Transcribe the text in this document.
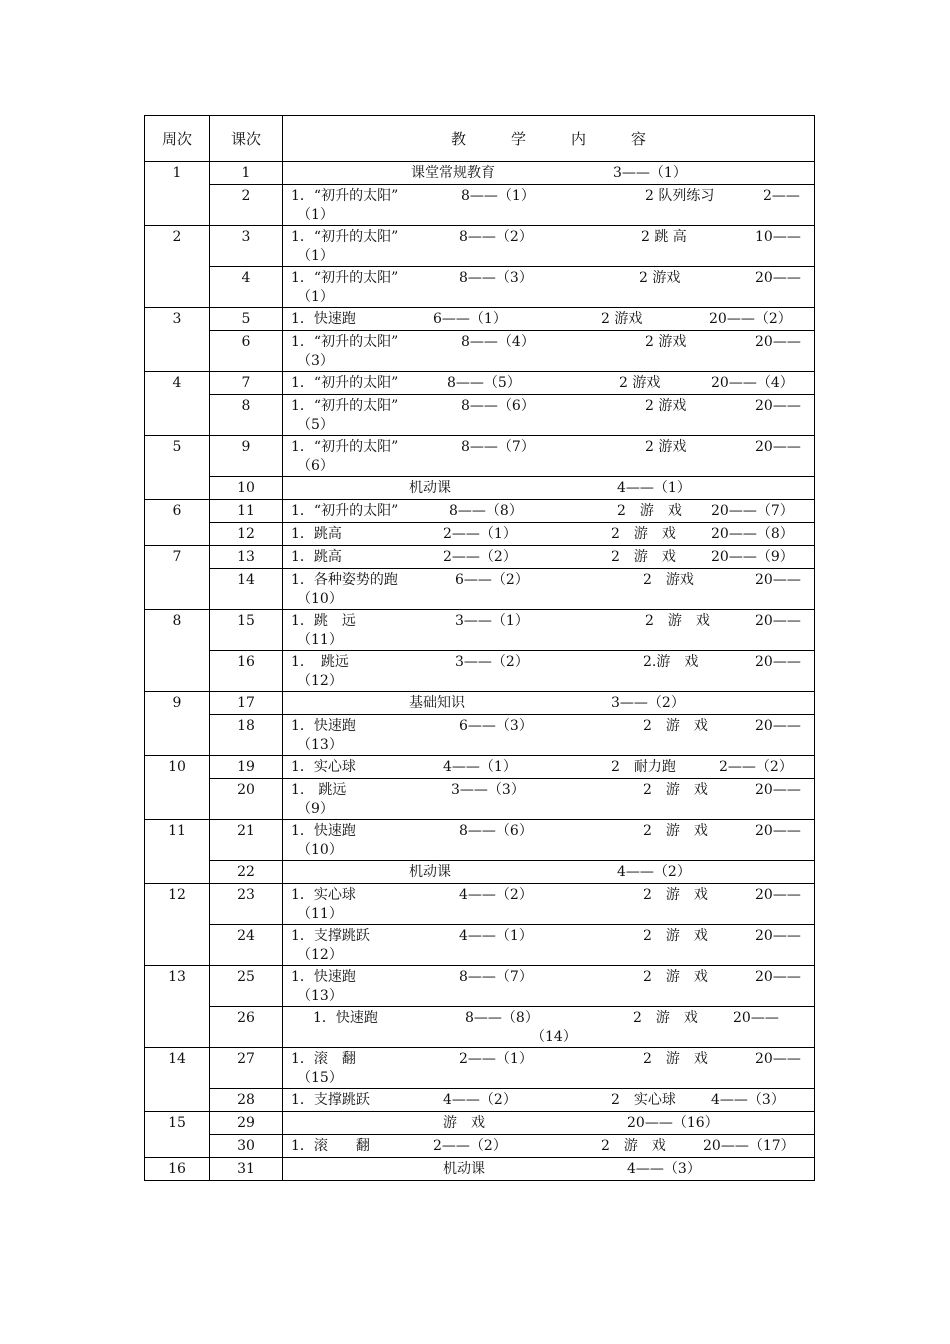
周次	课次	教　　　学　　　内　　　容
1	1	课堂常规教育 3——（1）

	2	1．“初升的太阳” 8——（1） 2 队列练习 2——
（1）

2	3	1．“初升的太阳” 8——（2） 2 跳 高 10——
（1）

	4	1．“初升的太阳” 8——（3） 2 游戏 20——
（1）

3	5	1．快速跑 6——（1） 2 游戏 20——（2）

	6	1．“初升的太阳” 8——（4） 2 游戏 20——
（3）

4	7	1．“初升的太阳” 8——（5） 2 游戏 20——（4）

	8	1．“初升的太阳” 8——（6） 2 游戏 20——
（5）

5	9	1．“初升的太阳” 8——（7） 2 游戏 20——
（6）

	10	机动课 4——（1）

6	11	1．“初升的太阳” 8——（8） 2　游　戏 20——（7）

	12	1．跳高 2——（1） 2　游　戏 20——（8）

7	13	1．跳高 2——（2） 2　游　戏 20——（9）

	14	1．各种姿势的跑 6——（2） 2　游戏 20——
（10）

8	15	1．跳　远 3——（1） 2　游　戏 20——
（11）

	16	1．　跳远 3——（2） 2.游　戏 20——
（12）

9	17	基础知识 3——（2）

	18	1．快速跑 6——（3） 2　游　戏 20——
（13）

10	19	1．实心球 4——（1） 2　耐力跑 2——（2）

	20	1.　跳远 3——（3） 2　游　戏 20——
（9）

11	21	1．快速跑 8——（6） 2　游　戏 20——
（10）

	22	机动课 4——（2）

12	23	1．实心球 4——（2） 2　游　戏 20——
（11）

	24	1．支撑跳跃 4——（1） 2　游　戏 20——
（12）

13	25	1．快速跑 8——（7） 2　游　戏 20——
（13）

	26	1．快速跑 8——（8） 2　游　戏 20——
（14）

14	27	1．滚　翻 2——（1） 2　游　戏 20——
（15）

	28	1．支撑跳跃 4——（2） 2　实心球 4——（3）

15	29	游　戏 20——（16）

	30	1．滚　　翻 2——（2） 2　游　戏 20——（17）

16	31	机动课 4——（3）
